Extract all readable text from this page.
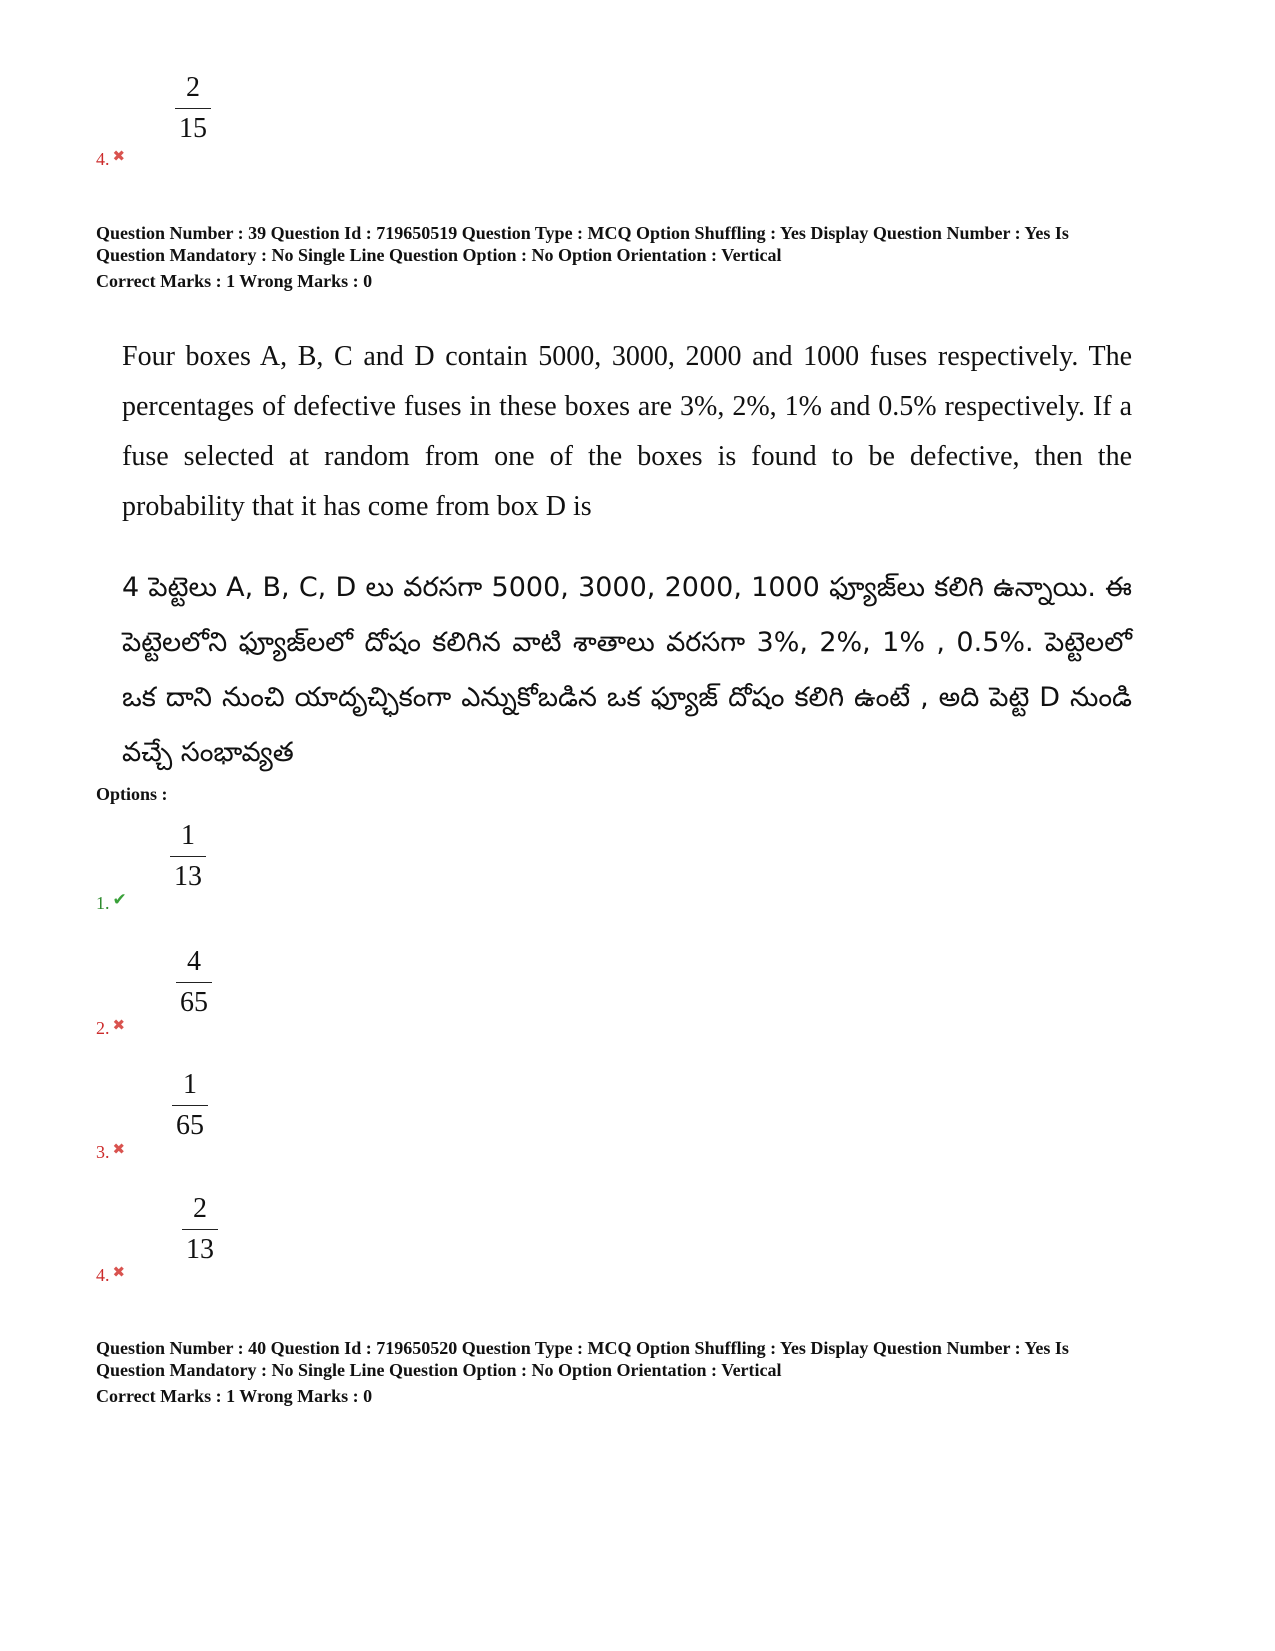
2
15
4. ✖
Question Number : 39 Question Id : 719650519 Question Type : MCQ Option Shuffling : Yes Display Question Number : Yes Is
Question Mandatory : No Single Line Question Option : No Option Orientation : Vertical
Correct Marks : 1 Wrong Marks : 0
Four boxes A, B, C and D contain 5000, 3000, 2000 and 1000 fuses respectively. The percentages of defective fuses in these boxes are 3%, 2%, 1% and 0.5% respectively. If a fuse selected at random from one of the boxes is found to be defective, then the probability that it has come from box D is
4 పెట్టెలు A, B, C, D లు వరసగా 5000, 3000, 2000, 1000 ఫ్యూజ్‌లు కలిగి ఉన్నాయి. ఈ పెట్టెలలోని ఫ్యూజ్‌లలో దోషం కలిగిన వాటి శాతాలు వరసగా 3%, 2%, 1% , 0.5%. పెట్టెలలో ఒక దాని నుంచి యాదృచ్ఛికంగా ఎన్నుకోబడిన ఒక ఫ్యూజ్ దోషం కలిగి ఉంటే , అది పెట్టె D నుండి వచ్చే సంభావ్యత
Options :
1
13
1. ✔
4
65
2. ✖
1
65
3. ✖
2
13
4. ✖
Question Number : 40 Question Id : 719650520 Question Type : MCQ Option Shuffling : Yes Display Question Number : Yes Is
Question Mandatory : No Single Line Question Option : No Option Orientation : Vertical
Correct Marks : 1 Wrong Marks : 0
